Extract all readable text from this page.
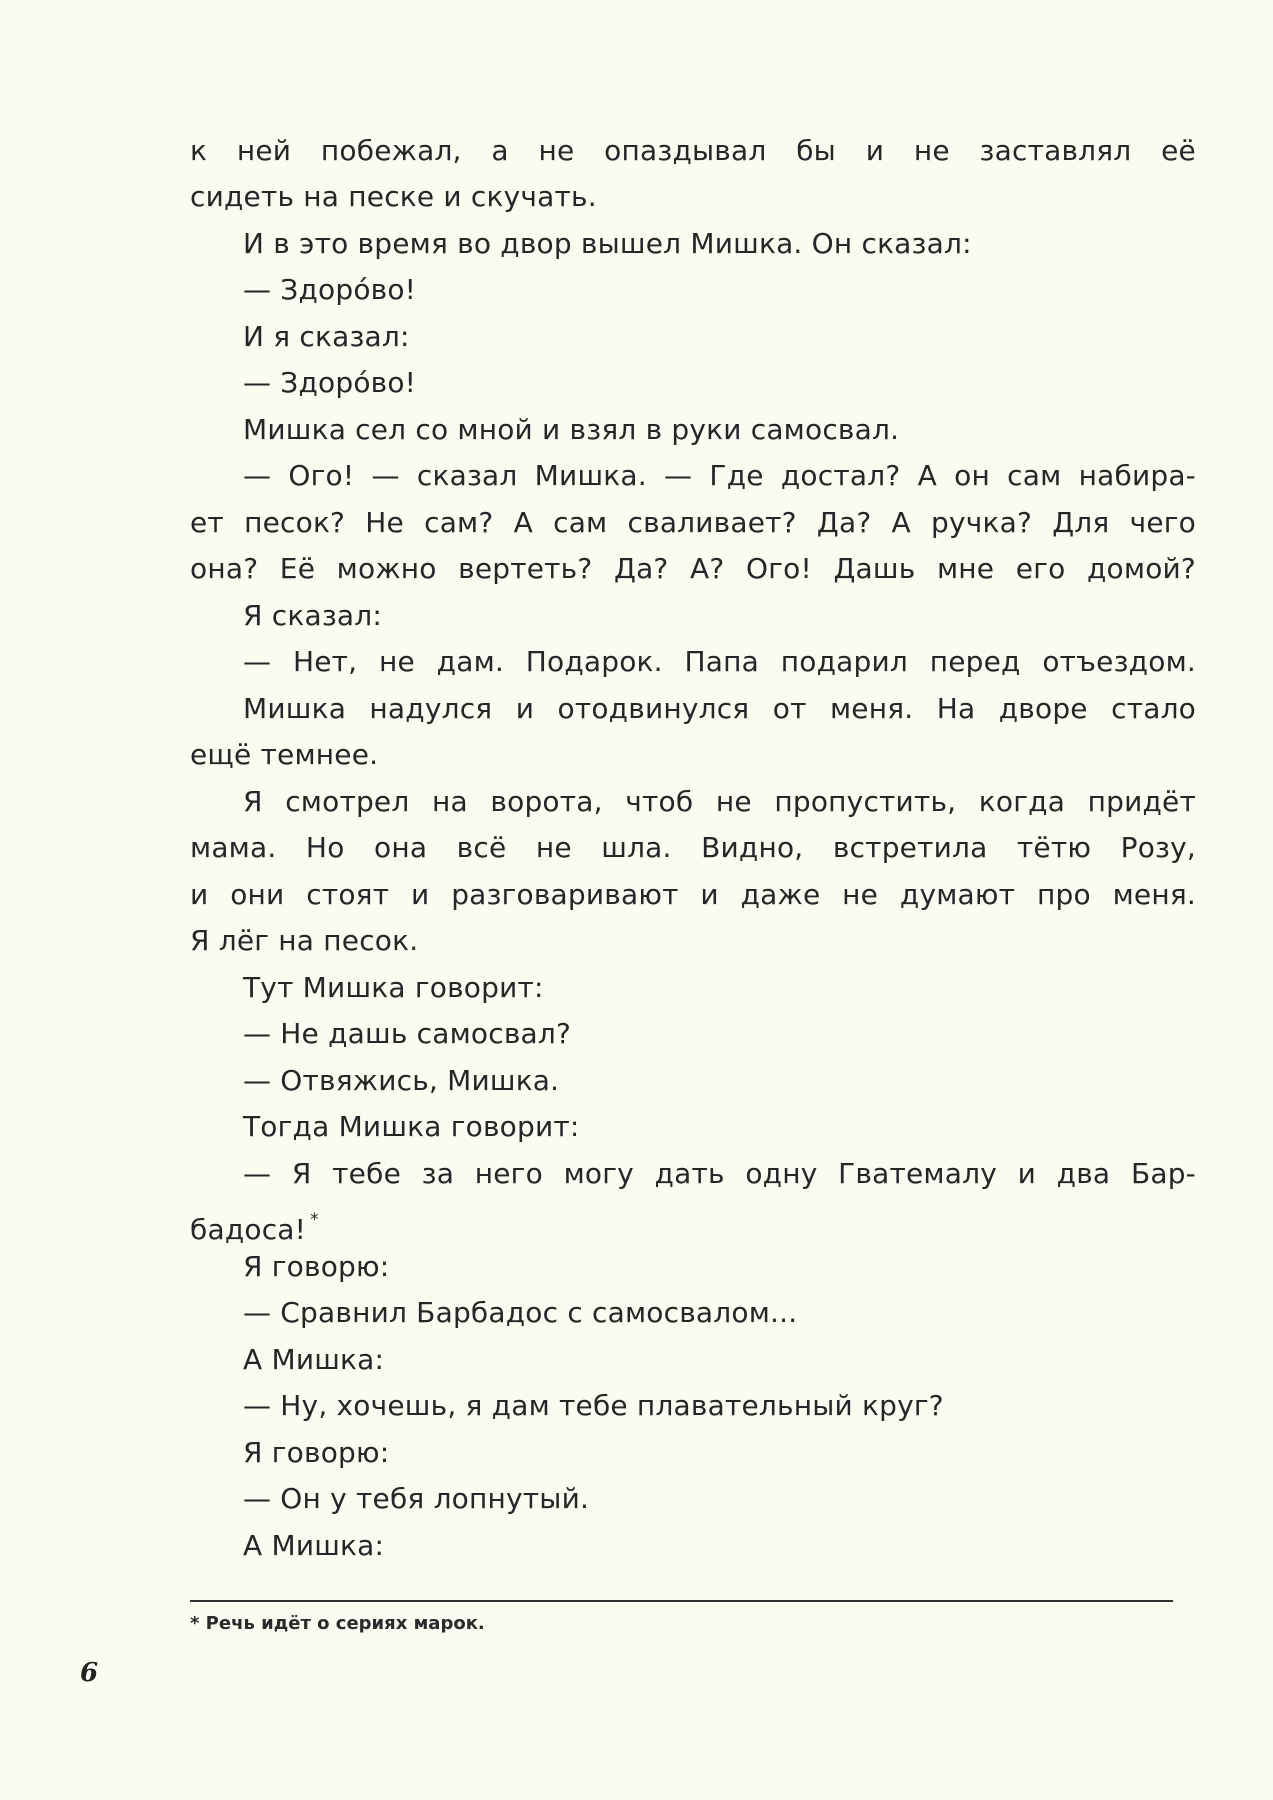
к ней побежал, а не опаздывал бы и не заставлял её
сидеть на песке и скучать.
И в это время во двор вышел Мишка. Он сказал:
— Здоро́во!
И я сказал:
— Здоро́во!
Мишка сел со мной и взял в руки самосвал.
— Ого! — сказал Мишка. — Где достал? А он сам набира-
ет песок? Не сам? А сам сваливает? Да? А ручка? Для чего
она? Её можно вертеть? Да? А? Ого! Дашь мне его домой?
Я сказал:
— Нет, не дам. Подарок. Папа подарил перед отъездом.
Мишка надулся и отодвинулся от меня. На дворе стало
ещё темнее.
Я смотрел на ворота, чтоб не пропустить, когда придёт
мама. Но она всё не шла. Видно, встретила тётю Розу,
и они стоят и разговаривают и даже не думают про меня.
Я лёг на песок.
Тут Мишка говорит:
— Не дашь самосвал?
— Отвяжись, Мишка.
Тогда Мишка говорит:
— Я тебе за него могу дать одну Гватемалу и два Бар-
бадоса! *
Я говорю:
— Сравнил Барбадос с самосвалом...
А Мишка:
— Ну, хочешь, я дам тебе плавательный круг?
Я говорю:
— Он у тебя лопнутый.
А Мишка:
* Речь идёт о сериях марок.
6
